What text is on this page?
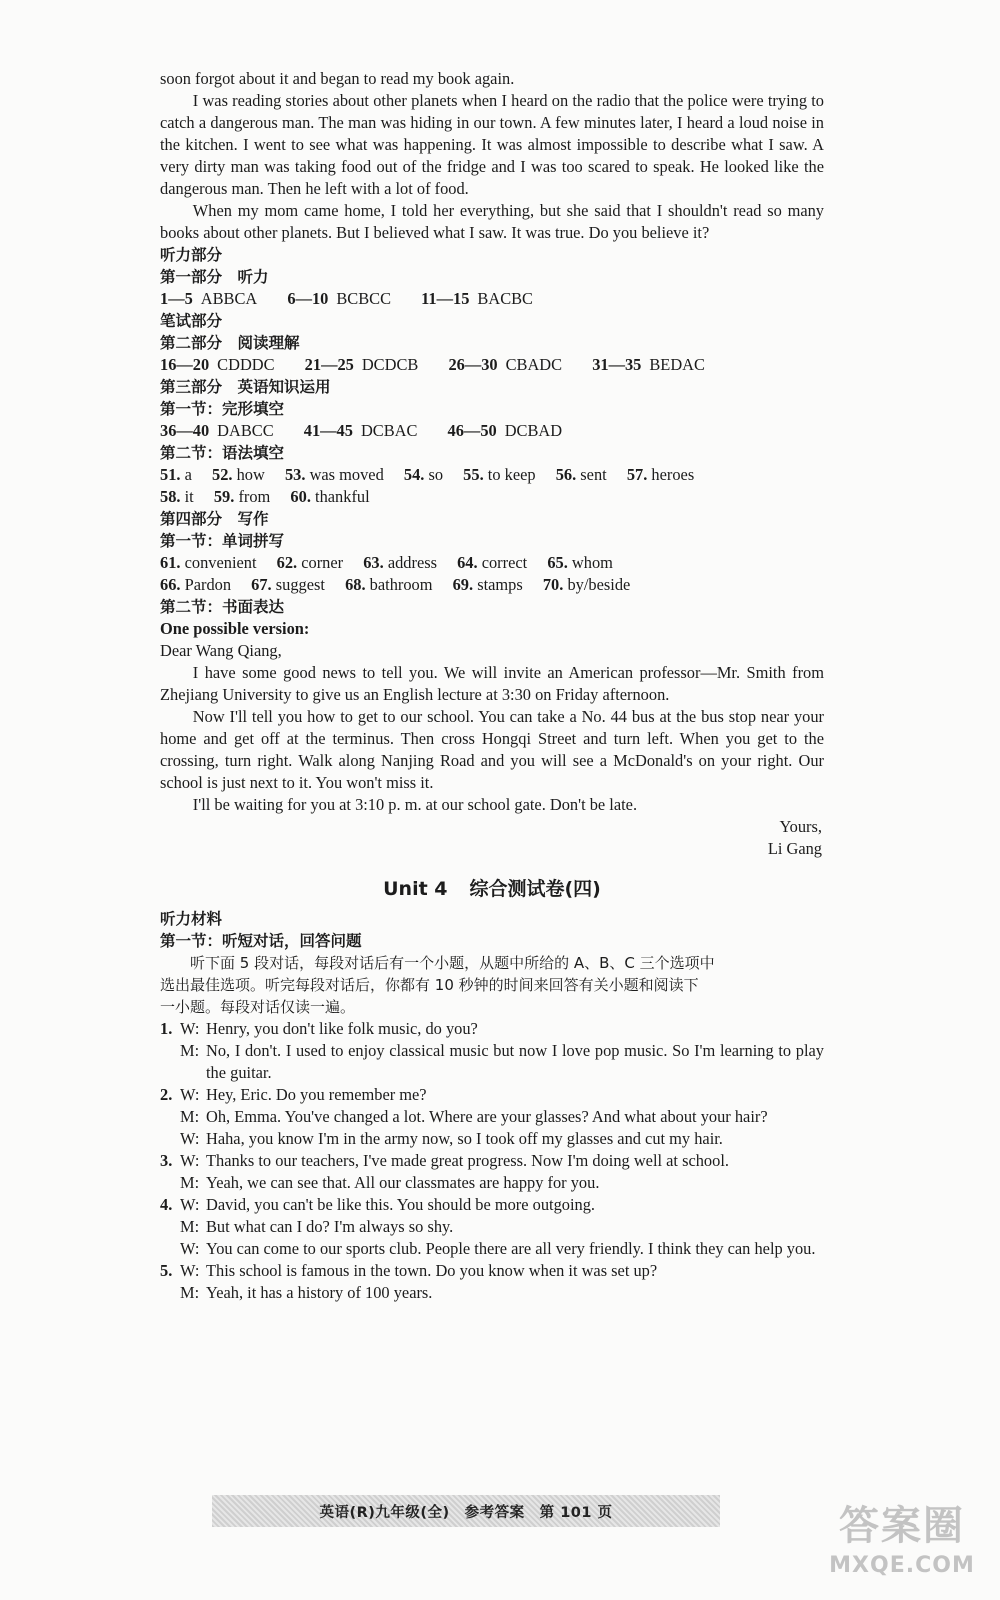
soon forgot about it and began to read my book again.

I was reading stories about other planets when I heard on the radio that the police were trying to catch a dangerous man. The man was hiding in our town. A few minutes later, I heard a loud noise in the kitchen. I went to see what was happening. It was almost impossible to describe what I saw. A very dirty man was taking food out of the fridge and I was too scared to speak. He looked like the dangerous man. Then he left with a lot of food.

When my mom came home, I told her everything, but she said that I shouldn't read so many books about other planets. But I believed what I saw. It was true. Do you believe it?

听力部分
第一部分　听力
1—5 ABBCA 6—10 BCBCC 11—15 BACBC
笔试部分
第二部分　阅读理解
16—20 CDDDC 21—25 DCDCB 26—30 CBADC 31—35 BEDAC
第三部分　英语知识运用
第一节：完形填空
36—40 DABCC 41—45 DCBAC 46—50 DCBAD
第二节：语法填空
51. a 52. how 53. was moved 54. so 55. to keep 56. sent 57. heroes
58. it 59. from 60. thankful
第四部分　写作
第一节：单词拼写
61. convenient 62. corner 63. address 64. correct 65. whom
66. Pardon 67. suggest 68. bathroom 69. stamps 70. by/beside
第二节：书面表达

One possible version:

Dear Wang Qiang,

I have some good news to tell you. We will invite an American professor—Mr. Smith from Zhejiang University to give us an English lecture at 3:30 on Friday afternoon.

Now I'll tell you how to get to our school. You can take a No. 44 bus at the bus stop near your home and get off at the terminus. Then cross Hongqi Street and turn left. When you get to the crossing, turn right. Walk along Nanjing Road and you will see a McDonald's on your right. Our school is just next to it. You won't miss it.

I'll be waiting for you at 3:10 p. m. at our school gate. Don't be late.

Yours,

Li Gang

Unit 4 综合测试卷(四)
听力材料
第一节：听短对话，回答问题

听下面 5 段对话，每段对话后有一个小题，从题中所给的 A、B、C 三个选项中

选出最佳选项。听完每段对话后，你都有 10 秒钟的时间来回答有关小题和阅读下

一小题。每段对话仅读一遍。

1. W: Henry, you don't like folk music, do you?
M: No, I don't. I used to enjoy classical music but now I love pop music. So I'm learning to play the guitar.
2. W: Hey, Eric. Do you remember me?
M: Oh, Emma. You've changed a lot. Where are your glasses? And what about your hair?
W: Haha, you know I'm in the army now, so I took off my glasses and cut my hair.
3. W: Thanks to our teachers, I've made great progress. Now I'm doing well at school.
M: Yeah, we can see that. All our classmates are happy for you.
4. W: David, you can't be like this. You should be more outgoing.
M: But what can I do? I'm always so shy.
W: You can come to our sports club. People there are all very friendly. I think they can help you.
5. W: This school is famous in the town. Do you know when it was set up?
M: Yeah, it has a history of 100 years.
英语(R)九年级(全)　参考答案　第 101 页	答案圈
MXQE.COM
